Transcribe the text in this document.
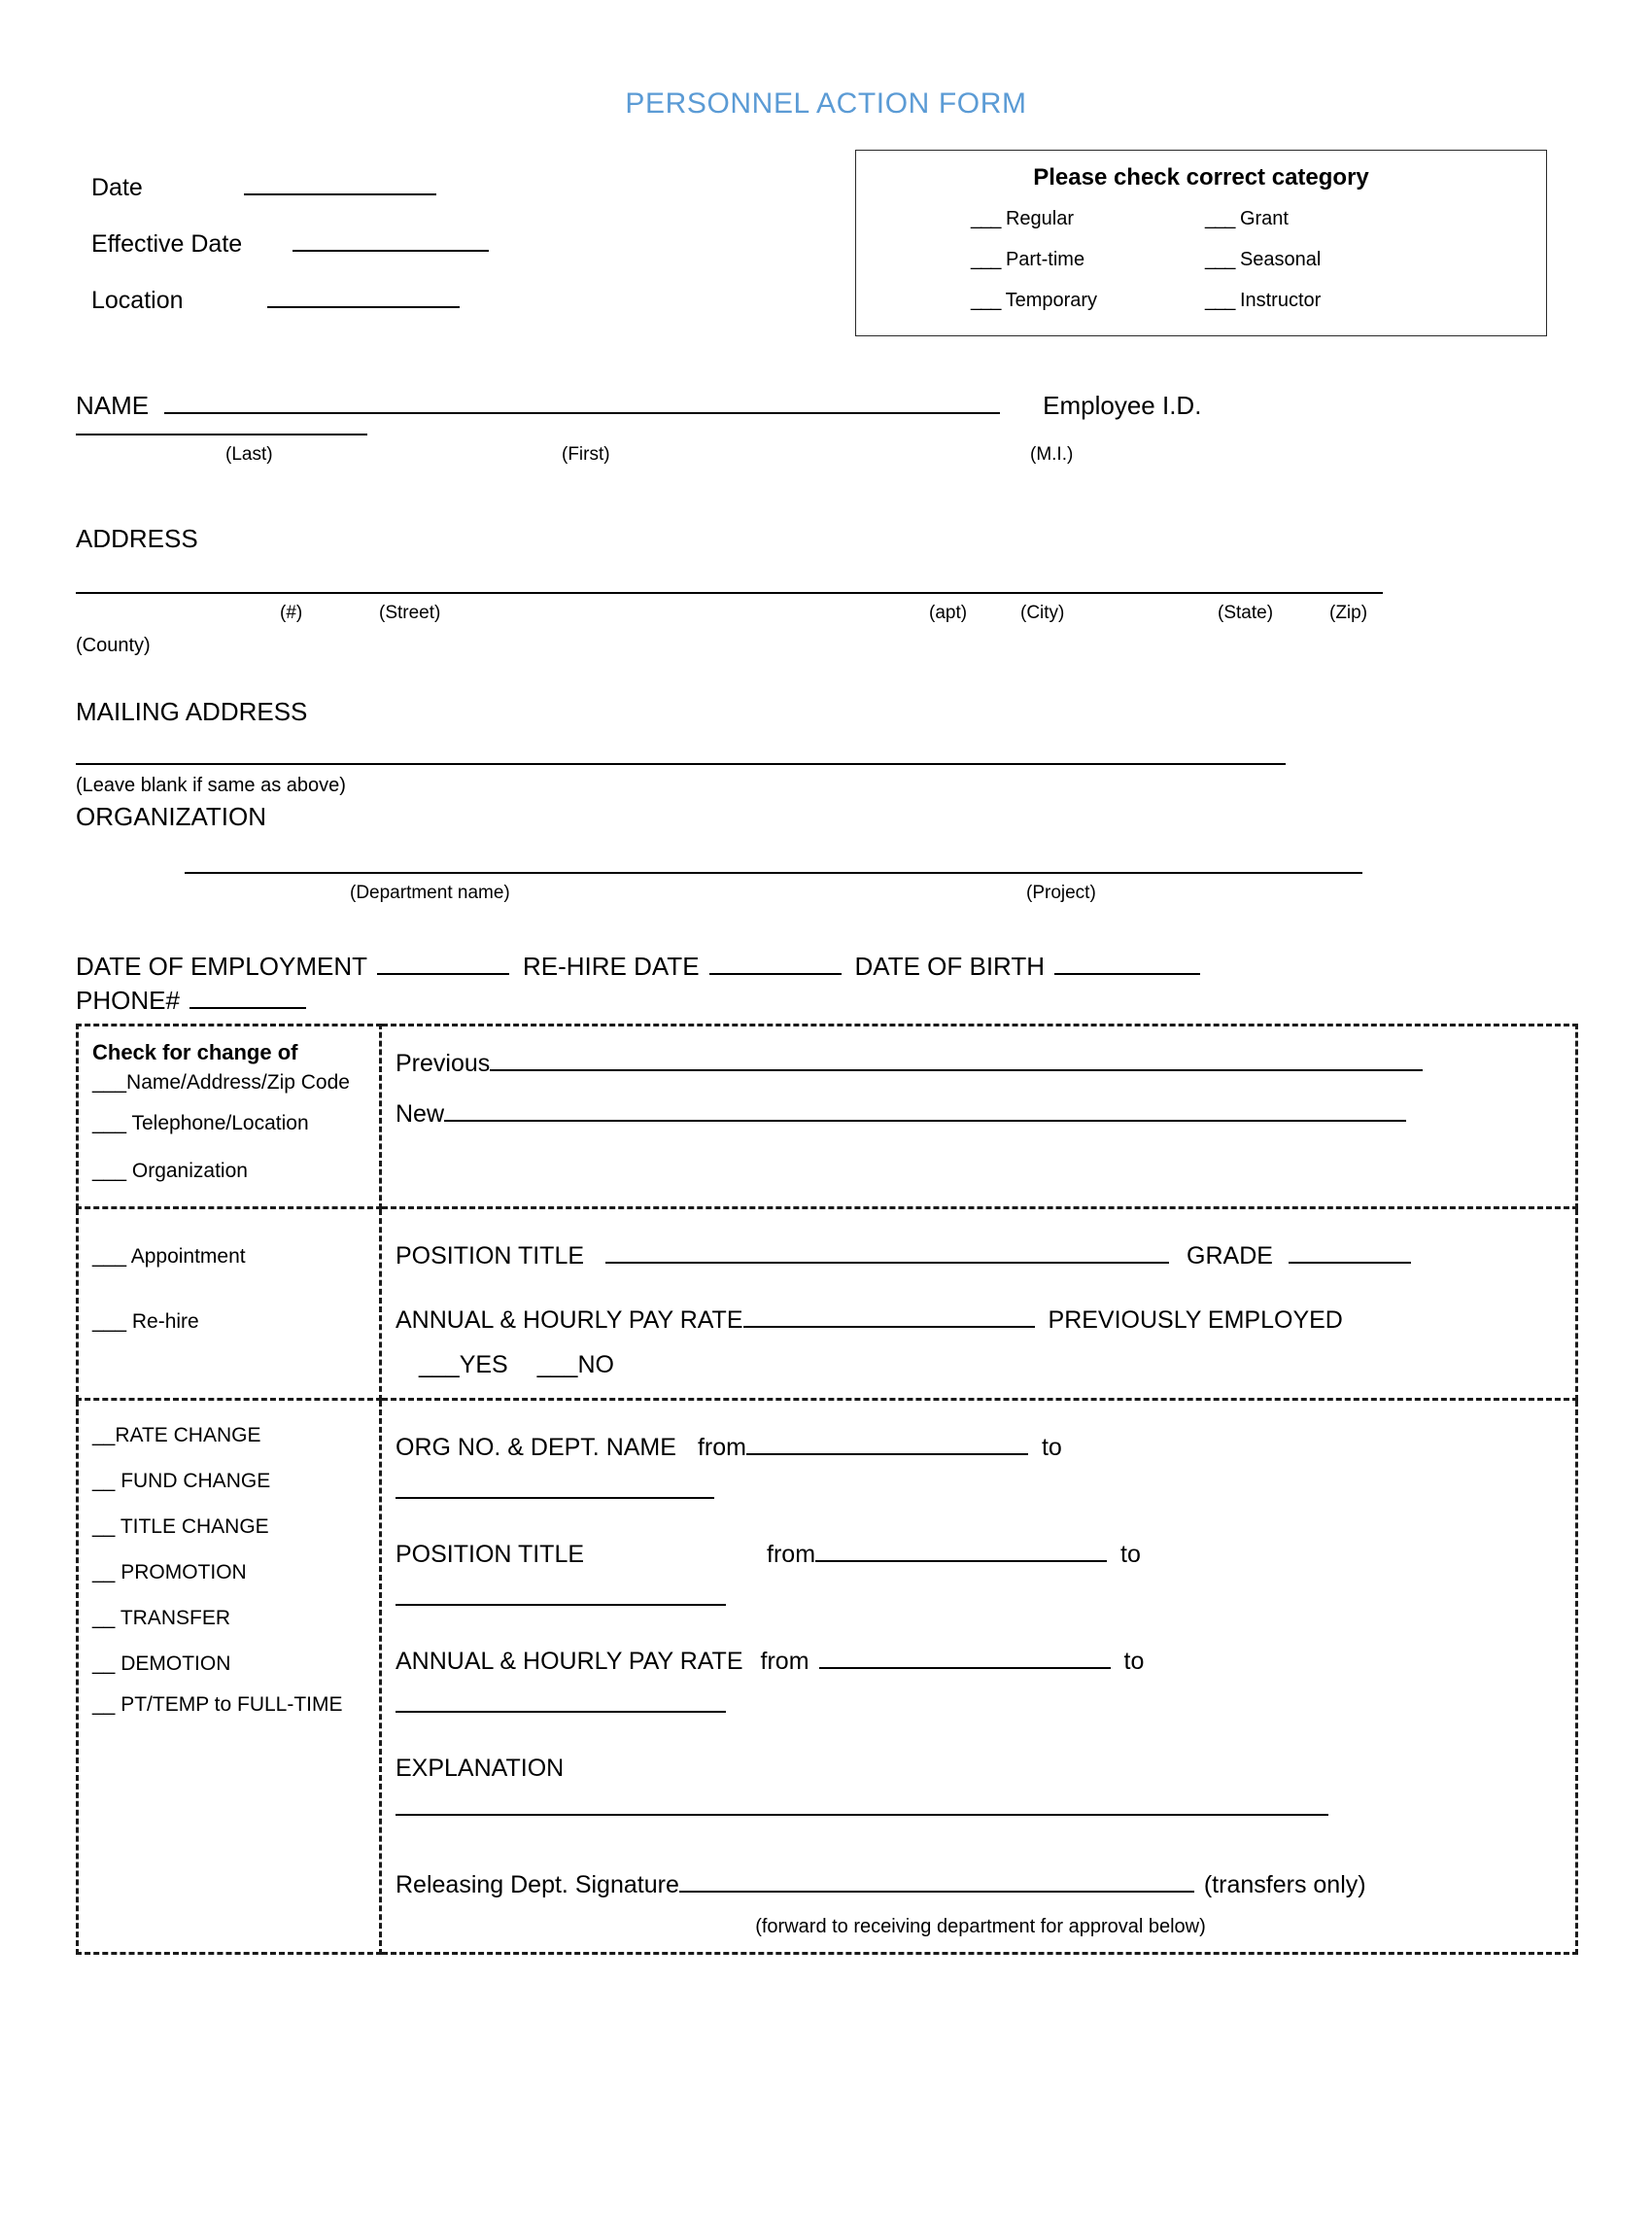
PERSONNEL ACTION FORM
Date
Effective Date
Location
Please check correct category
___ Regular	___ Grant
___ Part-time	___ Seasonal
___ Temporary	___ Instructor
NAME	Employee I.D.
(Last)	(First)	(M.I.)
ADDRESS
(#)	(Street)	(apt)	(City)	(State)	(Zip)
(County)
MAILING ADDRESS
(Leave blank if same as above)
ORGANIZATION
(Department name)	(Project)
DATE OF EMPLOYMENT	RE-HIRE DATE	DATE OF BIRTH
PHONE#
Check for change of
___Name/Address/Zip Code
___ Telephone/Location
___ Organization

Previous
New

___ Appointment
___ Re-hire

POSITION TITLE	GRADE
ANNUAL & HOURLY PAY RATE	PREVIOUSLY EMPLOYED
___YES ___NO

__RATE CHANGE
__ FUND CHANGE
__ TITLE CHANGE
__ PROMOTION
__ TRANSFER
__ DEMOTION
__ PT/TEMP to FULL-TIME

ORG NO. & DEPT. NAME from	to
POSITION TITLE	from	to
ANNUAL & HOURLY PAY RATE from	to
EXPLANATION
Releasing Dept. Signature	(transfers only)
(forward to receiving department for approval below)
